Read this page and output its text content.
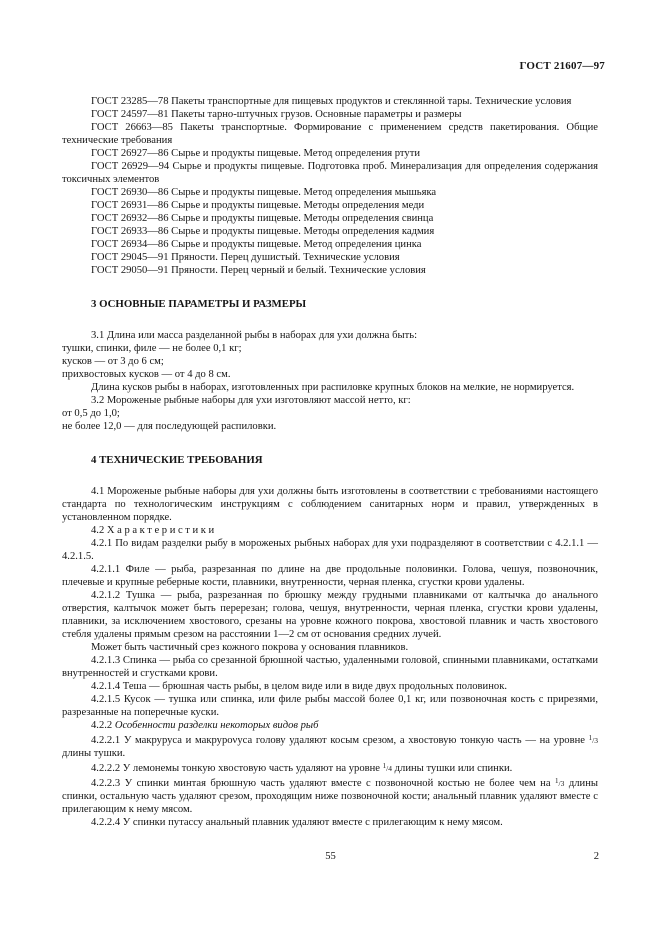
ГОСТ 21607—97

ГОСТ 23285—78 Пакеты транспортные для пищевых продуктов и стеклянной тары. Технические условия

ГОСТ 24597—81 Пакеты тарно-штучных грузов. Основные параметры и размеры

ГОСТ 26663—85 Пакеты транспортные. Формирование с применением средств пакетирования. Общие технические требования

ГОСТ 26927—86 Сырье и продукты пищевые. Метод определения ртути

ГОСТ 26929—94 Сырье и продукты пищевые. Подготовка проб. Минерализация для определения содержания токсичных элементов

ГОСТ 26930—86 Сырье и продукты пищевые. Метод определения мышьяка

ГОСТ 26931—86 Сырье и продукты пищевые. Методы определения меди

ГОСТ 26932—86 Сырье и продукты пищевые. Методы определения свинца

ГОСТ 26933—86 Сырье и продукты пищевые. Методы определения кадмия

ГОСТ 26934—86 Сырье и продукты пищевые. Метод определения цинка

ГОСТ 29045—91 Пряности. Перец душистый. Технические условия

ГОСТ 29050—91 Пряности. Перец черный и белый. Технические условия

3 ОСНОВНЫЕ ПАРАМЕТРЫ И РАЗМЕРЫ

3.1 Длина или масса разделанной рыбы в наборах для ухи должна быть:

тушки, спинки, филе — не более 0,1 кг;

кусков — от 3 до 6 см;

прихвостовых кусков — от 4 до 8 см.

Длина кусков рыбы в наборах, изготовленных при распиловке крупных блоков на мелкие, не нормируется.

3.2 Мороженые рыбные наборы для ухи изготовляют массой нетто, кг:

от 0,5 до 1,0;

не более 12,0 — для последующей распиловки.

4 ТЕХНИЧЕСКИЕ ТРЕБОВАНИЯ

4.1 Мороженые рыбные наборы для ухи должны быть изготовлены в соответствии с требованиями настоящего стандарта по технологическим инструкциям с соблюдением санитарных норм и правил, утвержденных в установленном порядке.

4.2 Характеристики

4.2.1 По видам разделки рыбу в мороженых рыбных наборах для ухи подразделяют в соответствии с 4.2.1.1 — 4.2.1.5.

4.2.1.1 Филе — рыба, разрезанная по длине на две продольные половинки. Голова, чешуя, позвоночник, плечевые и крупные реберные кости, плавники, внутренности, черная пленка, сгустки крови удалены.

4.2.1.2 Тушка — рыба, разрезанная по брюшку между грудными плавниками от калтычка до анального отверстия, калтычок может быть перерезан; голова, чешуя, внутренности, черная пленка, сгустки крови удалены, плавники, за исключением хвостового, срезаны на уровне кожного покрова, хвостовой плавник и часть хвостового стебля удалены прямым срезом на расстоянии 1—2 см от основания средних лучей.

Может быть частичный срез кожного покрова у основания плавников.

4.2.1.3 Спинка — рыба со срезанной брюшной частью, удаленными головой, спинными плавниками, остатками внутренностей и сгустками крови.

4.2.1.4 Теша — брюшная часть рыбы, в целом виде или в виде двух продольных половинок.

4.2.1.5 Кусок — тушка или спинка, или филе рыбы массой более 0,1 кг, или позвоночная кость с прирезями, разрезанные на поперечные куски.

4.2.2 Особенности разделки некоторых видов рыб

4.2.2.1 У макруруса и макрурονуса голову удаляют косым срезом, а хвостовую тонкую часть — на уровне $^1$/3 длины тушки.

4.2.2.2 У лемонемы тонкую хвостовую часть удаляют на уровне $^1$/4 длины тушки или спинки.

4.2.2.3 У спинки минтая брюшную часть удаляют вместе с позвоночной костью не более чем на $^1$/3 длины спинки, остальную часть удаляют срезом, проходящим ниже позвоночной кости; анальный плавник удаляют вместе с прилегающим к нему мясом.

4.2.2.4 У спинки путассу анальный плавник удаляют вместе с прилегающим к нему мясом.

55	2
